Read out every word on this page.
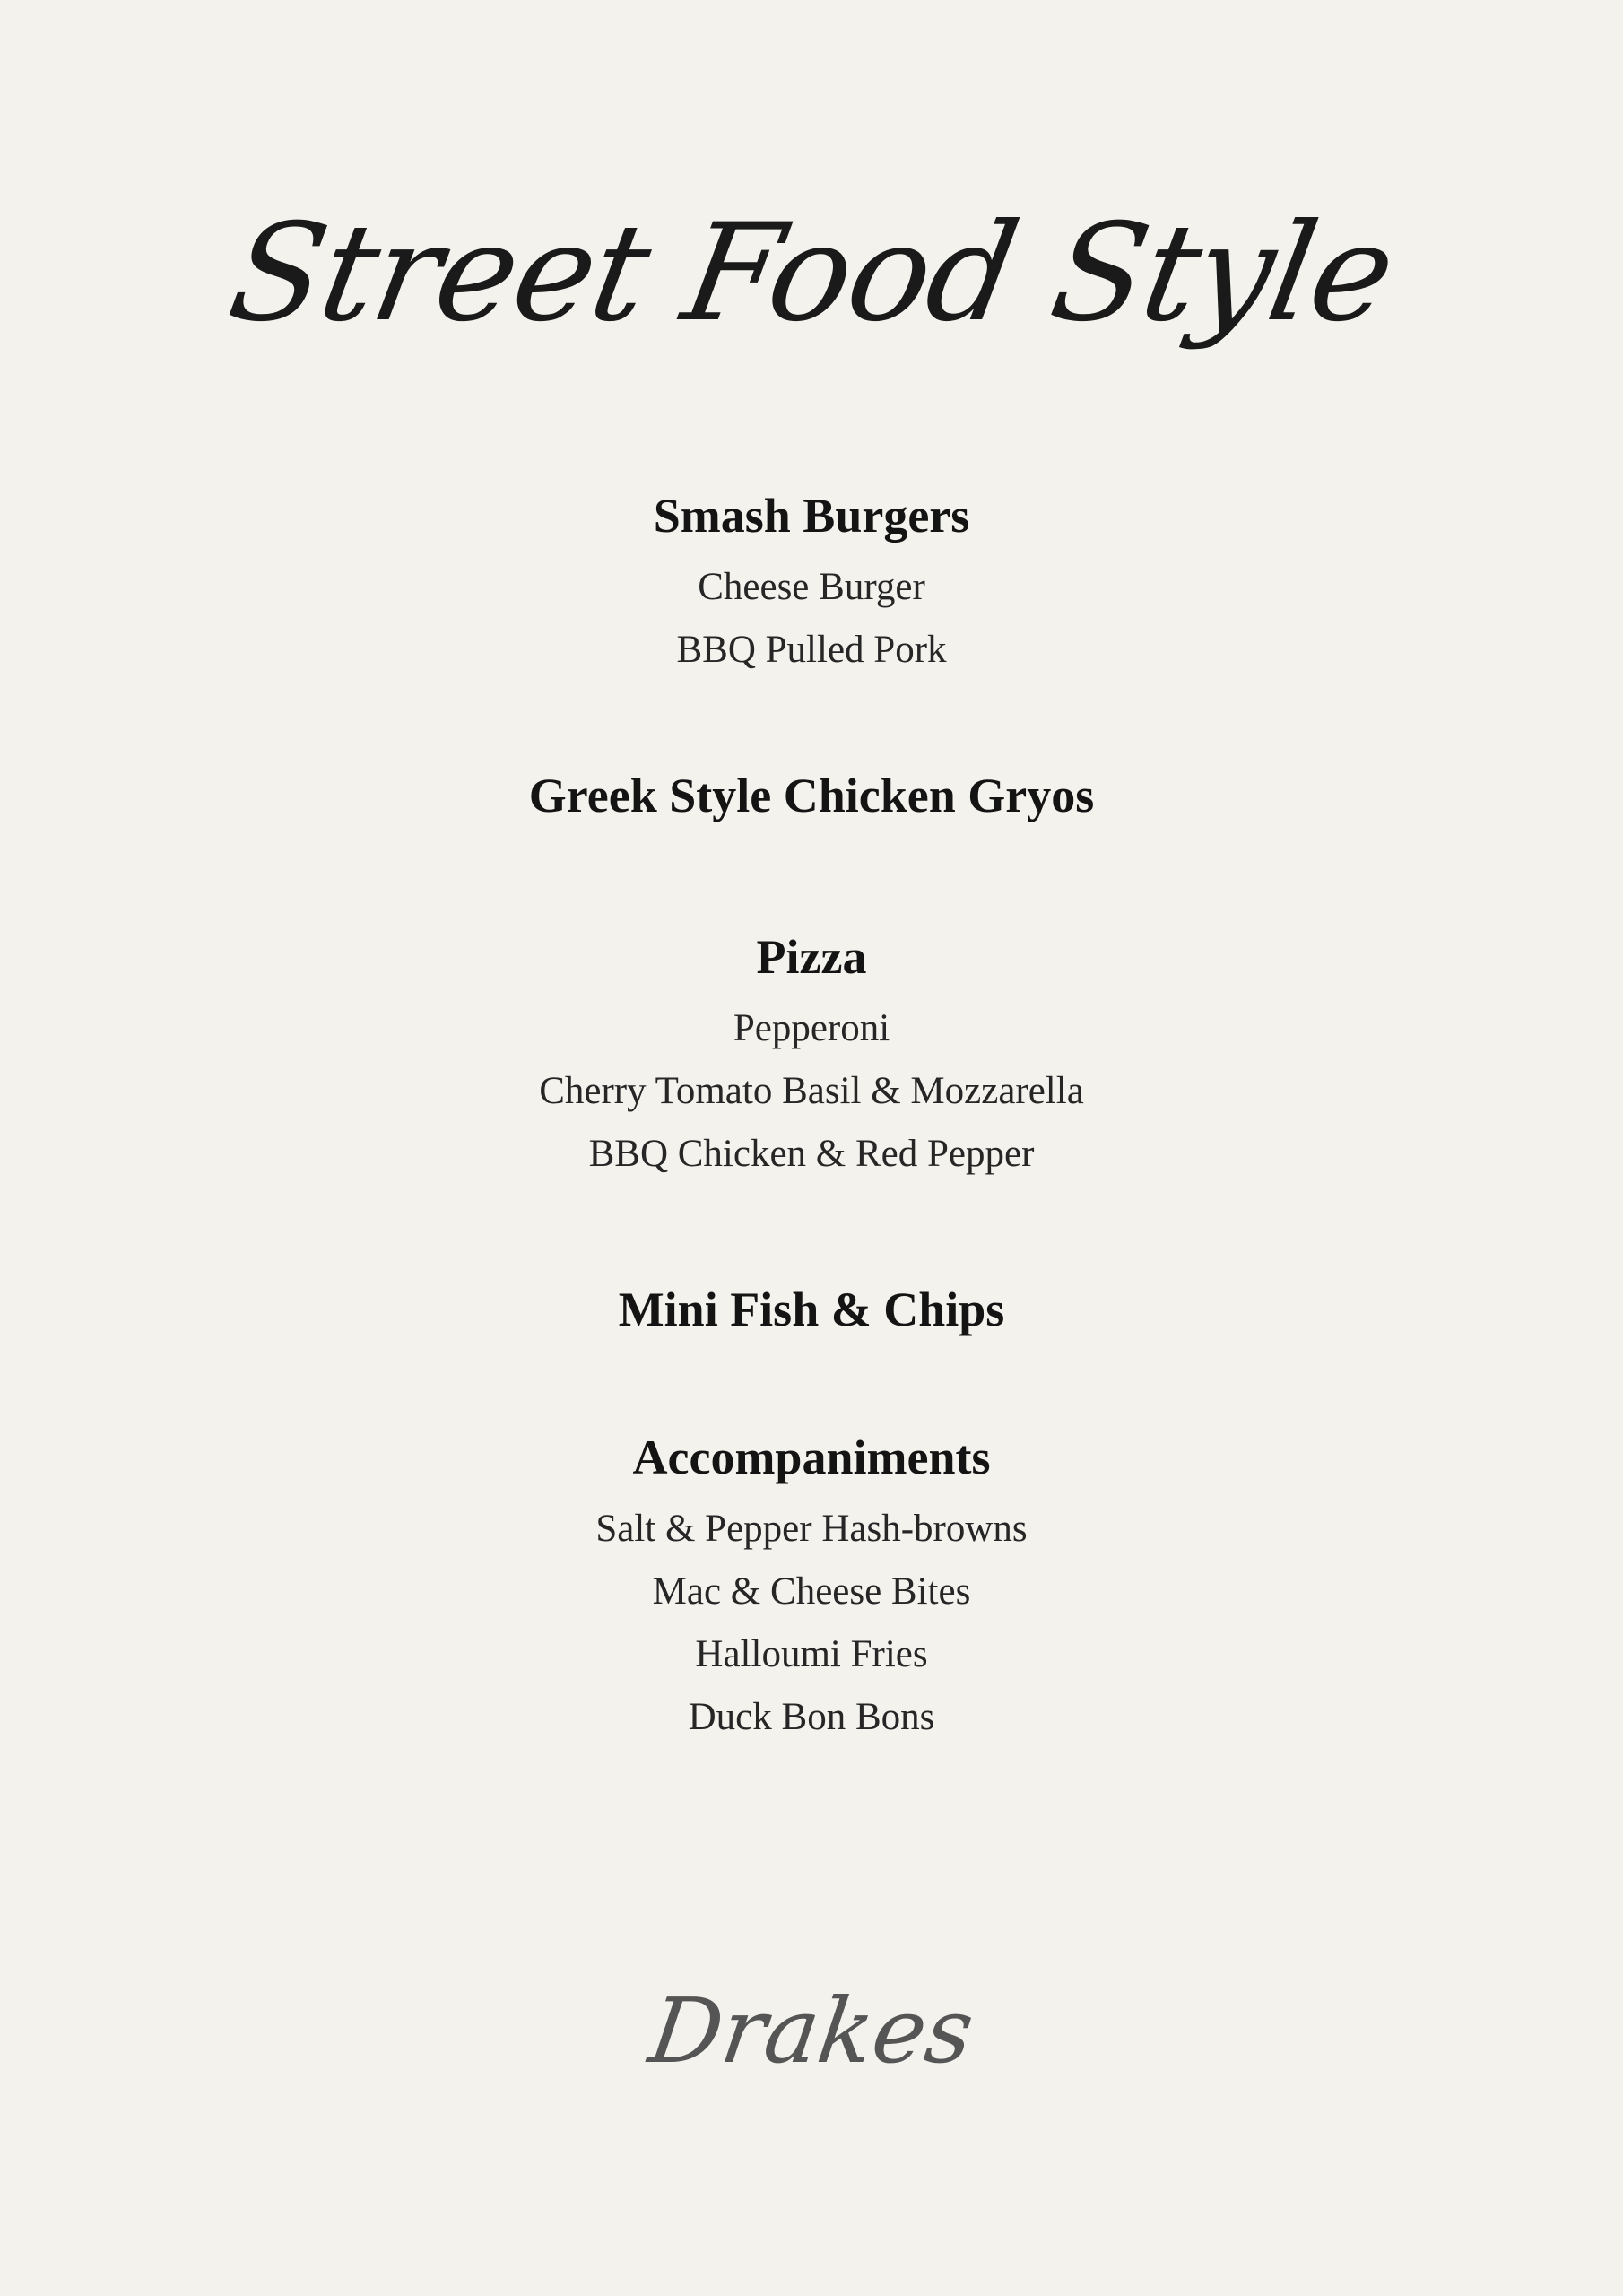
Street Food Style

Smash Burgers

Cheese Burger

BBQ Pulled Pork

Greek Style Chicken Gryos

Pizza

Pepperoni

Cherry Tomato Basil & Mozzarella

BBQ Chicken & Red Pepper

Mini Fish & Chips

Accompaniments

Salt & Pepper Hash-browns

Mac & Cheese Bites

Halloumi Fries

Duck Bon Bons

Drakes
